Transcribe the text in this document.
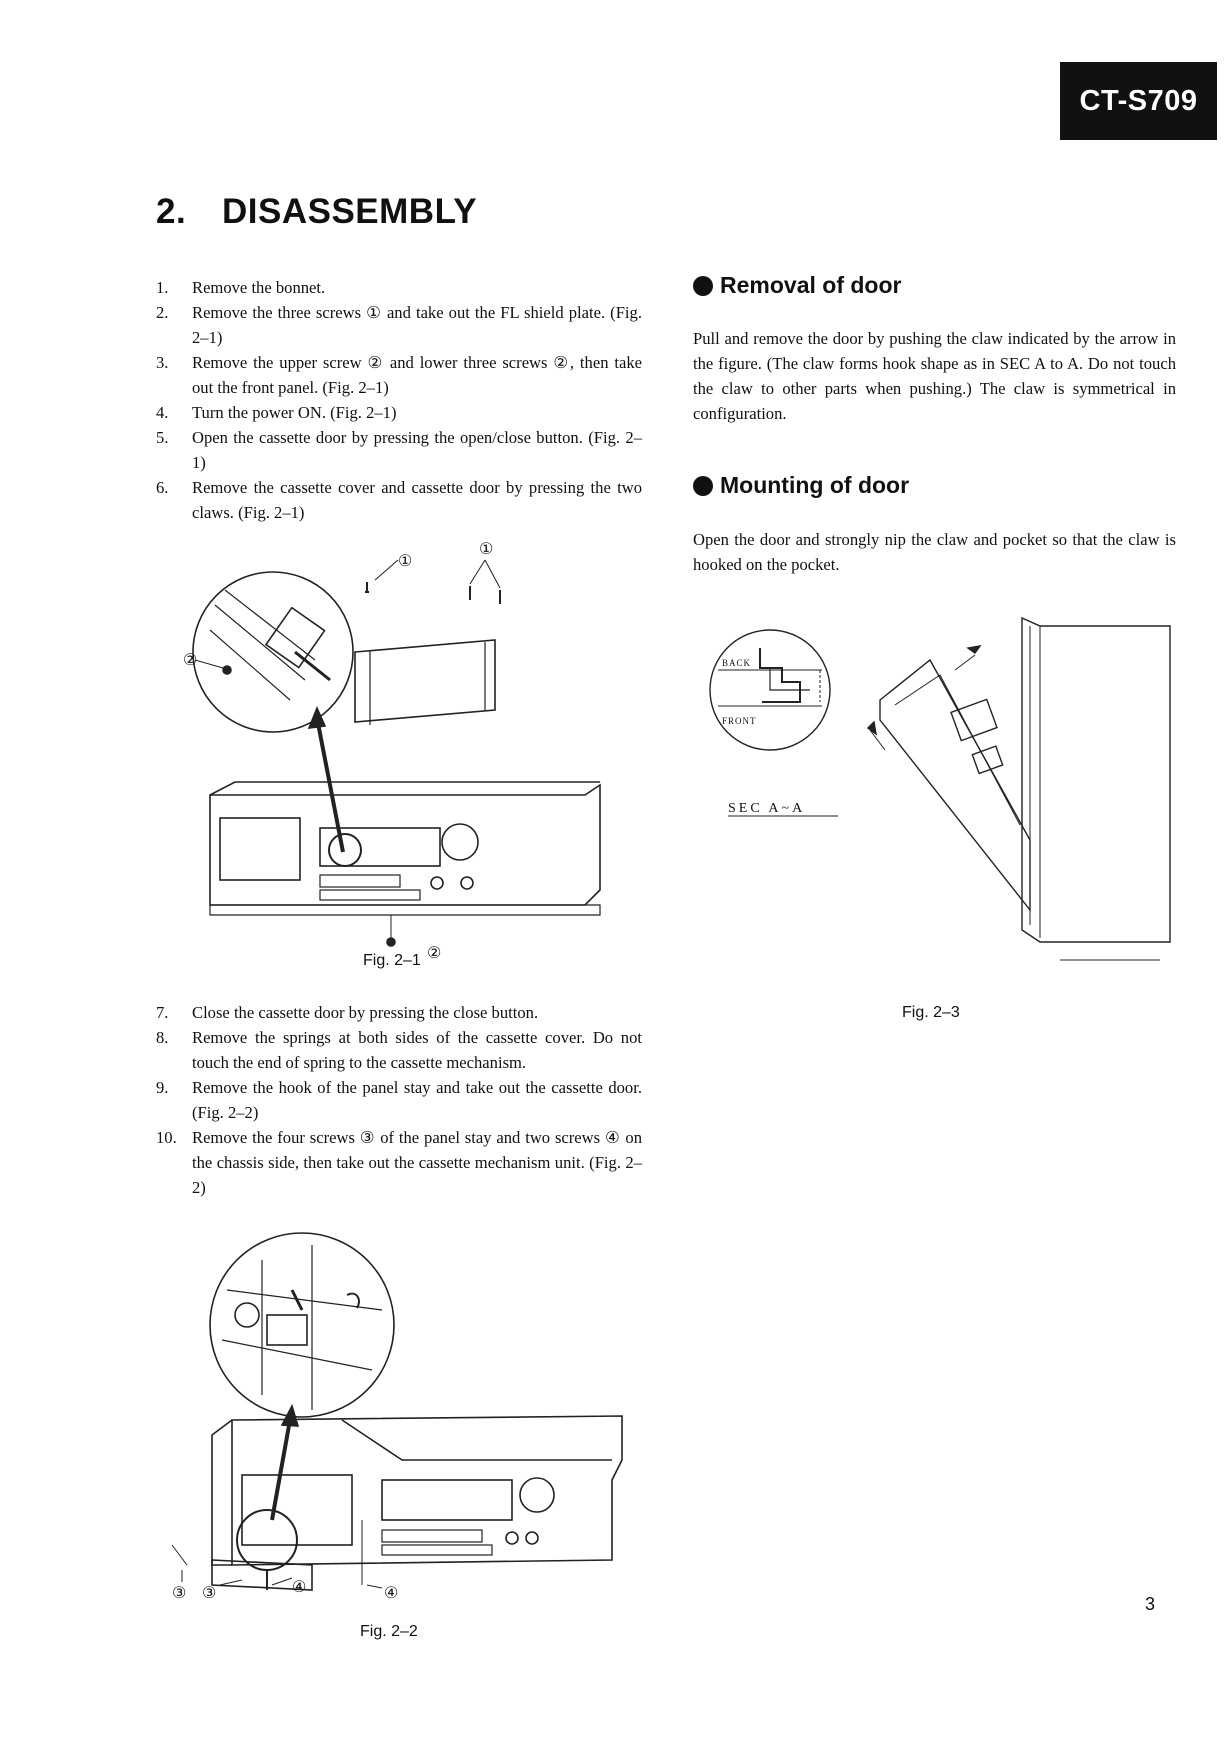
CT-S709
2. DISASSEMBLY
1.	Remove the bonnet.
2.	Remove the three screws ① and take out the FL shield plate. (Fig. 2–1)
3.	Remove the upper screw ② and lower three screws ②, then take out the front panel. (Fig. 2–1)
4.	Turn the power ON. (Fig. 2–1)
5.	Open the cassette door by pressing the open/close button. (Fig. 2–1)
6.	Remove the cassette cover and cassette door by pressing the two claws. (Fig. 2–1)
Removal of door

Pull and remove the door by pushing the claw indicated by the arrow in the figure. (The claw forms hook shape as in SEC A to A. Do not touch the claw to other parts when pushing.) The claw is symmetrical in configuration.

Mounting of door

Open the door and strongly nip the claw and pocket so that the claw is hooked on the pocket.

①
①
②
②

Fig. 2–1

7.	Close the cassette door by pressing the close button.
8.	Remove the springs at both sides of the cassette cover. Do not touch the end of spring to the cassette mechanism.
9.	Remove the hook of the panel stay and take out the cassette door. (Fig. 2–2)
10. Remove the four screws ③ of the panel stay and two screws ④ on the chassis side, then take out the cassette mechanism unit. (Fig. 2–2)
③ ③	④	④

Fig. 2–2

BACK
FRONT
SEC A~A

Fig. 2–3

3
